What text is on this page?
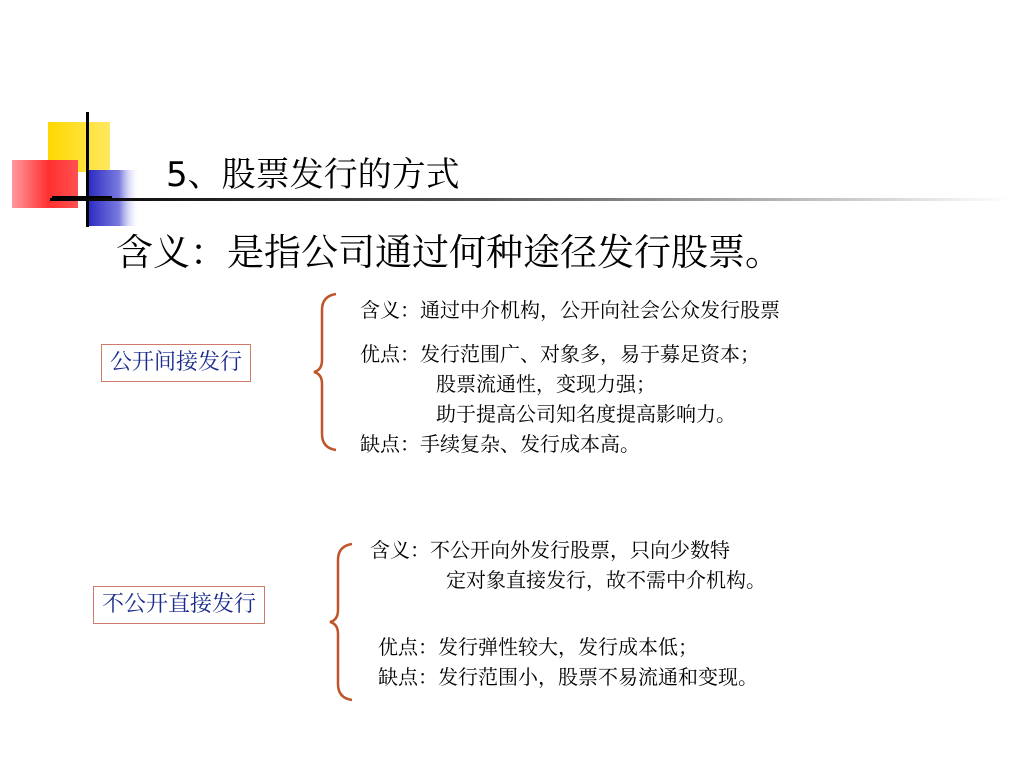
5、股票发行的方式
含义：是指公司通过何种途径发行股票。
公开间接发行
含义：通过中介机构，公开向社会公众发行股票
优点：发行范围广、对象多，易于募足资本；
股票流通性，变现力强；
助于提高公司知名度提高影响力。
缺点：手续复杂、发行成本高。
不公开直接发行
含义：不公开向外发行股票，只向少数特
定对象直接发行，故不需中介机构。
优点：发行弹性较大，发行成本低；
缺点：发行范围小，股票不易流通和变现。
